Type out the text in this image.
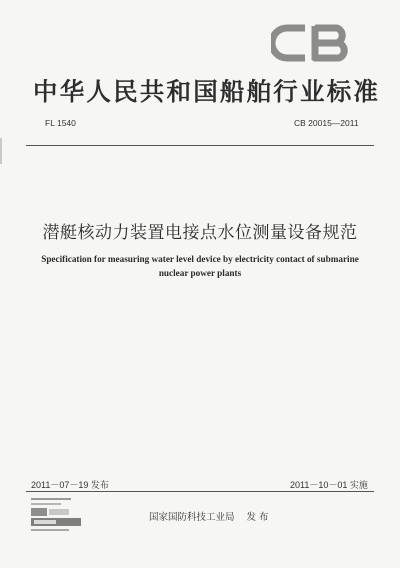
中华人民共和国船舶行业标准
FL 1540	CB 20015—2011
潜艇核动力装置电接点水位测量设备规范
Specification for measuring water level device by electricity contact of submarine
nuclear power plants
2011－07－19 发布	2011－10－01 实施
国家国防科技工业局 发 布
